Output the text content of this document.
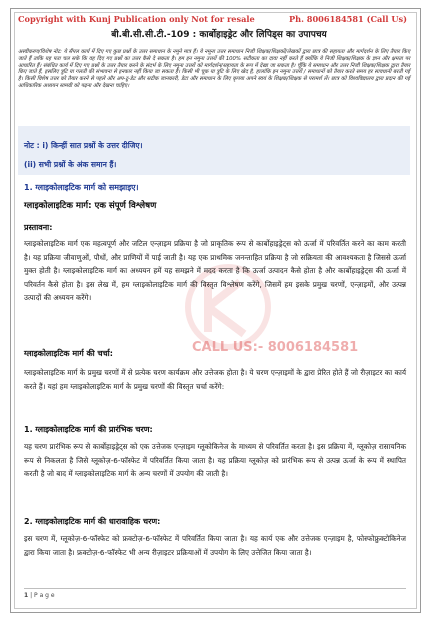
Copyright with Kunj Publication only Not for resale	Ph. 8006184581 (Call Us)
बी.बी.सी.सी.टी.-109 : कार्बोहाइड्रेट और लिपिड्स का उपापचय
अस्वीकरण/विशेष नोट: ये सैंपल कार्य में दिए गए कुछ प्रश्नों के उत्तर समाधान के नमूने मात्र हैं। ये नमूना उत्तर समाधान निजी शिक्षक/शिक्षकों/लेखकों द्वारा छात्र की सहायता और मार्गदर्शन के लिए तैयार किए जाते हैं ताकि यह पता चल सके कि वह दिए गए प्रश्नों का उत्तर कैसे दे सकता है। हम इन नमूना उत्तरों की 100% सटीकता का दावा नहीं करते हैं क्योंकि ये निजी शिक्षक/शिक्षक के ज्ञान और क्षमता पर आधारित हैं। संबंधित कार्य में दिए गए प्रश्नों के उत्तर तैयार करने के संदर्भ के लिए नमूना उत्तरों को मार्गदर्शन/सहायता के रूप में देखा जा सकता है। चूँकि ये समाधान और उत्तर निजी शिक्षक/शिक्षक द्वारा तैयार किए जाते हैं, इसलिए त्रुटि या गलती की संभावना से इनकार नहीं किया जा सकता है। किसी भी चूक या त्रुटि के लिए खेद है, हालांकि इन नमूना उत्तरों / समाधानों को तैयार करते समय हर सावधानी बरती गई है। किसी विशेष उत्तर को तैयार करने से पहले और अप-टू-डेट और सटीक जानकारी, डेटा और समाधान के लिए कृपया अपने स्वयं के शिक्षक/शिक्षक से परामर्श लें। छात्र को विश्वविद्यालय द्वारा प्रदान की गई आधिकारिक अध्ययन सामग्री को पढ़ना और देखना चाहिए।
नोट : i) किन्हीं सात प्रश्नों के उत्तर दीजिए।
(ii) सभी प्रश्नों के अंक समान हैं।
1. ग्लाइकोलाइटिक मार्ग को समझाइए।
CALL US:- 8006184581
ग्लाइकोलाइटिक मार्ग: एक संपूर्ण विश्लेषण
प्रस्तावना:
ग्लाइकोलाइटिक मार्ग एक महत्वपूर्ण और जटिल एन्ज़ाइम प्रक्रिया है जो प्राकृतिक रूप से कार्बोहाइड्रेट्स को ऊर्जा में परिवर्तित करने का काम करती है। यह प्रक्रिया जीवाणुओं, पौधों, और प्राणियों में पाई जाती है। यह एक प्राथमिक जनन्ताहित प्रक्रिया है जो सक्रियता की आवश्यकता है जिससे ऊर्जा मुक्त होती है। ग्लाइकोलाइटिक मार्ग का अध्ययन हमें यह समझने में मदद करता है कि ऊर्जा उत्पादन कैसे होता है और कार्बोहाइड्रेट्स की ऊर्जा में परिवर्तन कैसे होता है। इस लेख में, हम ग्लाइकोलाइटिक मार्ग की विस्तृत विश्लेषण करेंगे, जिसमें हम इसके प्रमुख चरणों, एन्ज़ाइमों, और उत्पन्न उत्पादों की अध्ययन करेंगे।
ग्लाइकोलाइटिक मार्ग की चर्चा:
ग्लाइकोलाइटिक मार्ग के प्रमुख चरणों में से प्रत्येक चरण कार्यक्रम और उत्तेजक होता है। ये चरण एन्ज़ाइमों के द्वारा प्रेरित होते हैं जो रीज़ाइटर का कार्य करते हैं। यहां हम ग्लाइकोलाइटिक मार्ग के प्रमुख चरणों की विस्तृत चर्चा करेंगे:
1. ग्लाइकोलाइटिक मार्ग की प्रारंभिक चरण:
यह चरण प्रारंभिक रूप से कार्बोहाइड्रेट्स को एक उत्तेजक एन्ज़ाइम ग्लूकोकिनेज के माध्यम से परिवर्तित करता है। इस प्रक्रिया में, ग्लूकोज़ रासायनिक रूप से निकलता है जिसे ग्लूकोज़-6-फॉस्फेट में परिवर्तित किया जाता है। यह प्रक्रिया ग्लूकोज़ को प्रारंभिक रूप से उत्पन्न ऊर्जा के रूप में स्थापित करती है जो बाद में ग्लाइकोलाइटिक मार्ग के अन्य चरणों में उपयोग की जाती है।
2. ग्लाइकोलाइटिक मार्ग की धारावाहिक चरण:
इस चरण में, ग्लूकोज़-6-फॉस्फेट को फ्रक्टोज़-6-फॉस्फेट में परिवर्तित किया जाता है। यह कार्य एक और उत्तेजक एन्ज़ाइम है, फोस्फोफ्रुक्टोकिनेज द्वारा किया जाता है। फ्रक्टोज़-6-फॉस्फेट भी अन्य रीज़ाइटर प्रक्रियाओं में उपयोग के लिए उत्तेजित किया जाता है।
1 | P a g e
